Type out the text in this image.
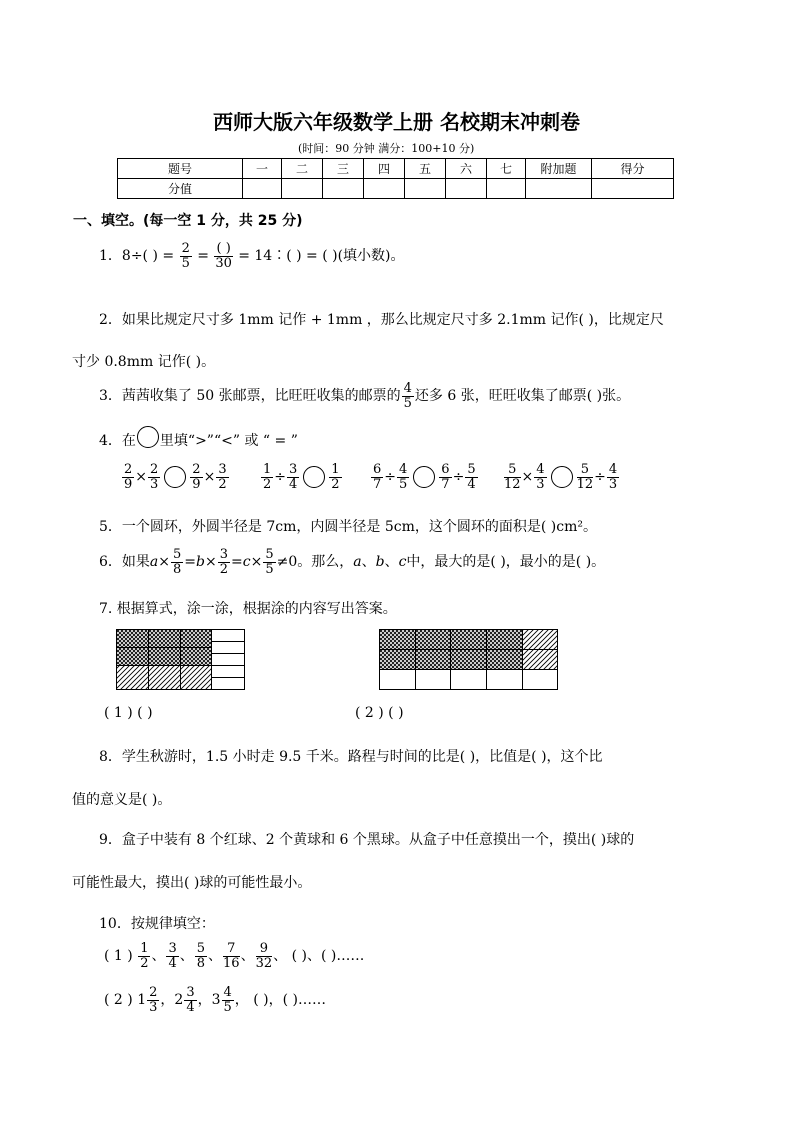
西师大版六年级数学上册 名校期末冲刺卷
(时间：90 分钟 满分：100+10 分)
题号	一	二	三	四	五	六	七	附加题	得分
分值									
一、填空。(每一空 1 分，共 25 分)
1．8÷( ) = $\frac{2}{5} = \frac{( )}{30}$ = 14∶( ) = ( )(填小数)。
2．如果比规定尺寸多 1mm 记作 + 1mm ，那么比规定尺寸多 2.1mm 记作( )，比规定尺
寸少 0.8mm 记作( )。
3．茜茜收集了 50 张邮票，比旺旺收集的邮票的 $\frac{4}{5}$ 还多 6 张，旺旺收集了邮票( )张。
4．在 里填“>”“<” 或 “ = ”
$\frac{2}{9} \times \frac{2}{3} \frac{2}{9} \times \frac{3}{2} \frac{1}{2} \div \frac{3}{4} \frac{1}{2} \frac{6}{7} \div \frac{4}{5} \frac{6}{7} \div \frac{5}{4} \frac{5}{12} \times \frac{4}{3} \frac{5}{12} \div \frac{4}{3}$
5．一个圆环，外圆半径是 7cm，内圆半径是 5cm，这个圆环的面积是( )cm²。
6．如果$a\times \frac{5}{8} =b\times \frac{3}{2} =c\times \frac{5}{5} \ne 0$。那么，a、b、c中，最大的是( )，最小的是( )。
7. 根据算式，涂一涂，根据涂的内容写出答案。
( 1 ) ( )	( 2 ) ( )
8．学生秋游时，1.5 小时走 9.5 千米。路程与时间的比是( )，比值是( )，这个比
值的意义是( )。
9．盒子中装有 8 个红球、2 个黄球和 6 个黑球。从盒子中任意摸出一个，摸出( )球的
可能性最大，摸出( )球的可能性最小。
10．按规律填空：
( 1 ) $\frac{1}{2}$ 、 $\frac{3}{4}$ 、 $\frac{5}{8}$ 、 $\frac{7}{16}$ 、 $\frac{9}{32}$ 、 ( )、( )……
( 2 ) $1 \frac{2}{3}$ ，$2 \frac{3}{4}$ ，$3 \frac{4}{5}$ ， ( )，( )……
